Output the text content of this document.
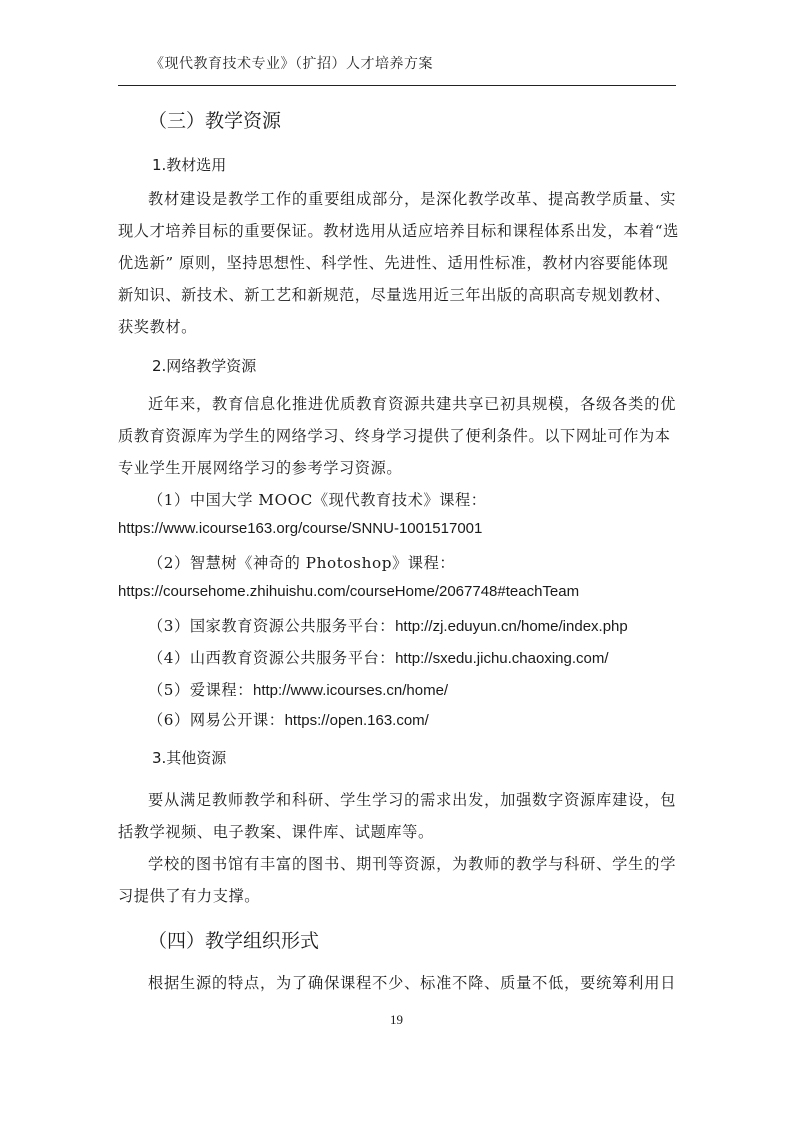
《现代教育技术专业》（扩招）人才培养方案
（三）教学资源
1.教材选用
教材建设是教学工作的重要组成部分，是深化教学改革、提高教学质量、实
现人才培养目标的重要保证。教材选用从适应培养目标和课程体系出发，本着“选
优选新” 原则，坚持思想性、科学性、先进性、适用性标准，教材内容要能体现
新知识、新技术、新工艺和新规范，尽量选用近三年出版的高职高专规划教材、
获奖教材。
2.网络教学资源
近年来，教育信息化推进优质教育资源共建共享已初具规模，各级各类的优
质教育资源库为学生的网络学习、终身学习提供了便利条件。以下网址可作为本
专业学生开展网络学习的参考学习资源。
（1）中国大学 MOOC《现代教育技术》课程：
https://www.icourse163.org/course/SNNU-1001517001
（2）智慧树《神奇的 Photoshop》课程：
https://coursehome.zhihuishu.com/courseHome/2067748#teachTeam
（3）国家教育资源公共服务平台：http://zj.eduyun.cn/home/index.php
（4）山西教育资源公共服务平台：http://sxedu.jichu.chaoxing.com/
（5）爱课程：http://www.icourses.cn/home/
（6）网易公开课：https://open.163.com/
3.其他资源
要从满足教师教学和科研、学生学习的需求出发，加强数字资源库建设，包
括教学视频、电子教案、课件库、试题库等。
学校的图书馆有丰富的图书、期刊等资源，为教师的教学与科研、学生的学
习提供了有力支撑。
（四）教学组织形式
根据生源的特点，为了确保课程不少、标准不降、质量不低，要统筹利用日
19
